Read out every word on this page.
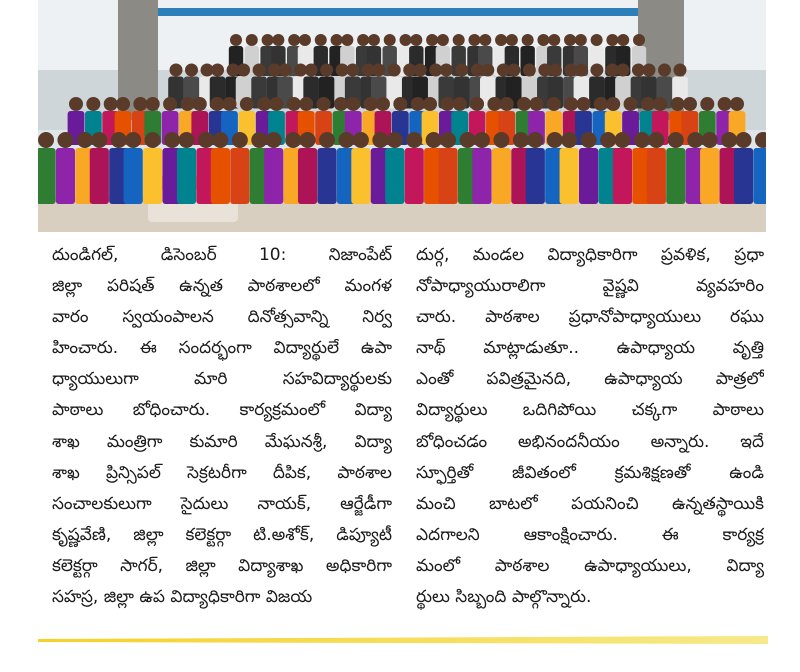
దుండిగల్, డిసెంబర్ 10: నిజాంపేట్
జిల్లా పరిషత్ ఉన్నత పాఠశాలలో మంగళ
వారం స్వయంపాలన దినోత్సవాన్ని నిర్వ
హించారు. ఈ సందర్భంగా విద్యార్థులే ఉపా
ధ్యాయులుగా మారి సహవిద్యార్థులకు
పాఠాలు బోధించారు. కార్యక్రమంలో విద్యా
శాఖ మంత్రిగా కుమారి మేఘనశ్రీ, విద్యా
శాఖ ప్రిన్సిపల్ సెక్రటరీగా దీపిక, పాఠశాల
సంచాలకులుగా సైదులు నాయక్, ఆర్జేడీగా
కృష్ణవేణి, జిల్లా కలెక్టర్గా టి.అశోక్, డిప్యూటీ
కలెక్టర్గా సాగర్, జిల్లా విద్యాశాఖ అధికారిగా
సహస్ర, జిల్లా ఉప విద్యాధికారిగా విజయ
దుర్గ, మండల విద్యాధికారిగా ప్రవళిక, ప్రధా
నోపాధ్యాయురాలిగా వైష్ణవి వ్యవహరిం
చారు. పాఠశాల ప్రధానోపాధ్యాయులు రఘు
నాథ్ మాట్లాడుతూ.. ఉపాధ్యాయ వృత్తి
ఎంతో పవిత్రమైనది, ఉపాధ్యాయ పాత్రలో
విద్యార్థులు ఒదిగిపోయి చక్కగా పాఠాలు
బోధించడం అభినందనీయం అన్నారు. ఇదే
స్ఫూర్తితో జీవితంలో క్రమశిక్షణతో ఉండి
మంచి బాటలో పయనించి ఉన్నతస్థాయికి
ఎదగాలని ఆకాంక్షించారు. ఈ కార్యక్ర
మంలో పాఠశాల ఉపాధ్యాయులు, విద్యా
ర్థులు సిబ్బంది పాల్గొన్నారు.
